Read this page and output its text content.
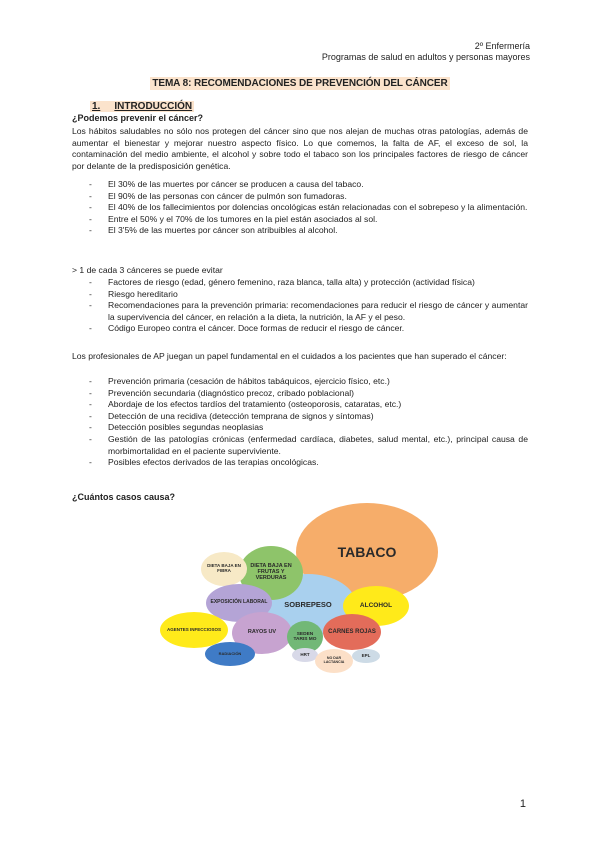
2º Enfermería
Programas de salud en adultos y personas mayores
TEMA 8: RECOMENDACIONES DE PREVENCIÓN DEL CÁNCER
1. INTRODUCCIÓN
¿Podemos prevenir el cáncer?

Los hábitos saludables no sólo nos protegen del cáncer sino que nos alejan de muchas otras patologías, además de aumentar el bienestar y mejorar nuestro aspecto físico. Lo que comemos, la falta de AF, el exceso de sol, la contaminación del medio ambiente, el alcohol y sobre todo el tabaco son los principales factores de riesgo de cáncer por delante de la predisposición genética.

- El 30% de las muertes por cáncer se producen a causa del tabaco.
- El 90% de las personas con cáncer de pulmón son fumadoras.
- El 40% de los fallecimientos por dolencias oncológicas están relacionadas con el sobrepeso y la alimentación.
- Entre el 50% y el 70% de los tumores en la piel están asociados al sol.
- El 3'5% de las muertes por cáncer son atribuibles al alcohol.

> 1 de cada 3 cánceres se puede evitar

- Factores de riesgo (edad, género femenino, raza blanca, talla alta) y protección (actividad física)
- Riesgo hereditario
- Recomendaciones para la prevención primaria: recomendaciones para reducir el riesgo de cáncer y aumentar la supervivencia del cáncer, en relación a la dieta, la nutrición, la AF y el peso.
- Código Europeo contra el cáncer. Doce formas de reducir el riesgo de cáncer.

Los profesionales de AP juegan un papel fundamental en el cuidados a los pacientes que han superado el cáncer:

- Prevención primaria (cesación de hábitos tabáquicos, ejercicio físico, etc.)
- Prevención secundaria (diagnóstico precoz, cribado poblacional)
- Abordaje de los efectos tardíos del tratamiento (osteoporosis, cataratas, etc.)
- Detección de una recidiva (detección temprana de signos y síntomas)
- Detección posibles segundas neoplasias
- Gestión de las patologías crónicas (enfermedad cardíaca, diabetes, salud mental, etc.), principal causa de morbimortalidad en el paciente superviviente.
- Posibles efectos derivados de las terapias oncológicas.
¿Cuántos casos causa?
TABACO
SOBREPESO	ALCOHOL
DIETA BAJA EN FRUTAS Y VERDURAS
DIETA BAJA EN FIBRA
EXPOSICIÓN LABORAL
AGENTES INFECCIOSOS	RAYOS UV	CARNES ROJAS
SEDEN TARIS MO
RADIACIÓN	HRT
NO DAR LACTANCIA
EPL
1
